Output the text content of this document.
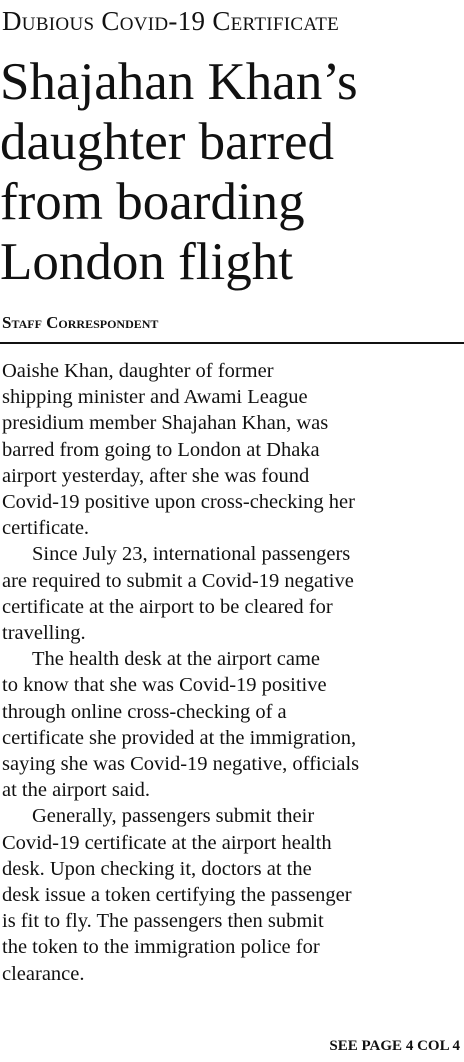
Dubious Covid-19 Certificate
Shajahan Khan’s
daughter barred
from boarding
London flight
Staff Correspondent
Oaishe Khan, daughter of former
shipping minister and Awami League
presidium member Shajahan Khan, was
barred from going to London at Dhaka
airport yesterday, after she was found
Covid-19 positive upon cross-checking her
certificate.
Since July 23, international passengers
are required to submit a Covid-19 negative
certificate at the airport to be cleared for
travelling.
The health desk at the airport came
to know that she was Covid-19 positive
through online cross-checking of a
certificate she provided at the immigration,
saying she was Covid-19 negative, officials
at the airport said.
Generally, passengers submit their
Covid-19 certificate at the airport health
desk. Upon checking it, doctors at the
desk issue a token certifying the passenger
is fit to fly. The passengers then submit
the token to the immigration police for
clearance.
SEE PAGE 4 COL 4
